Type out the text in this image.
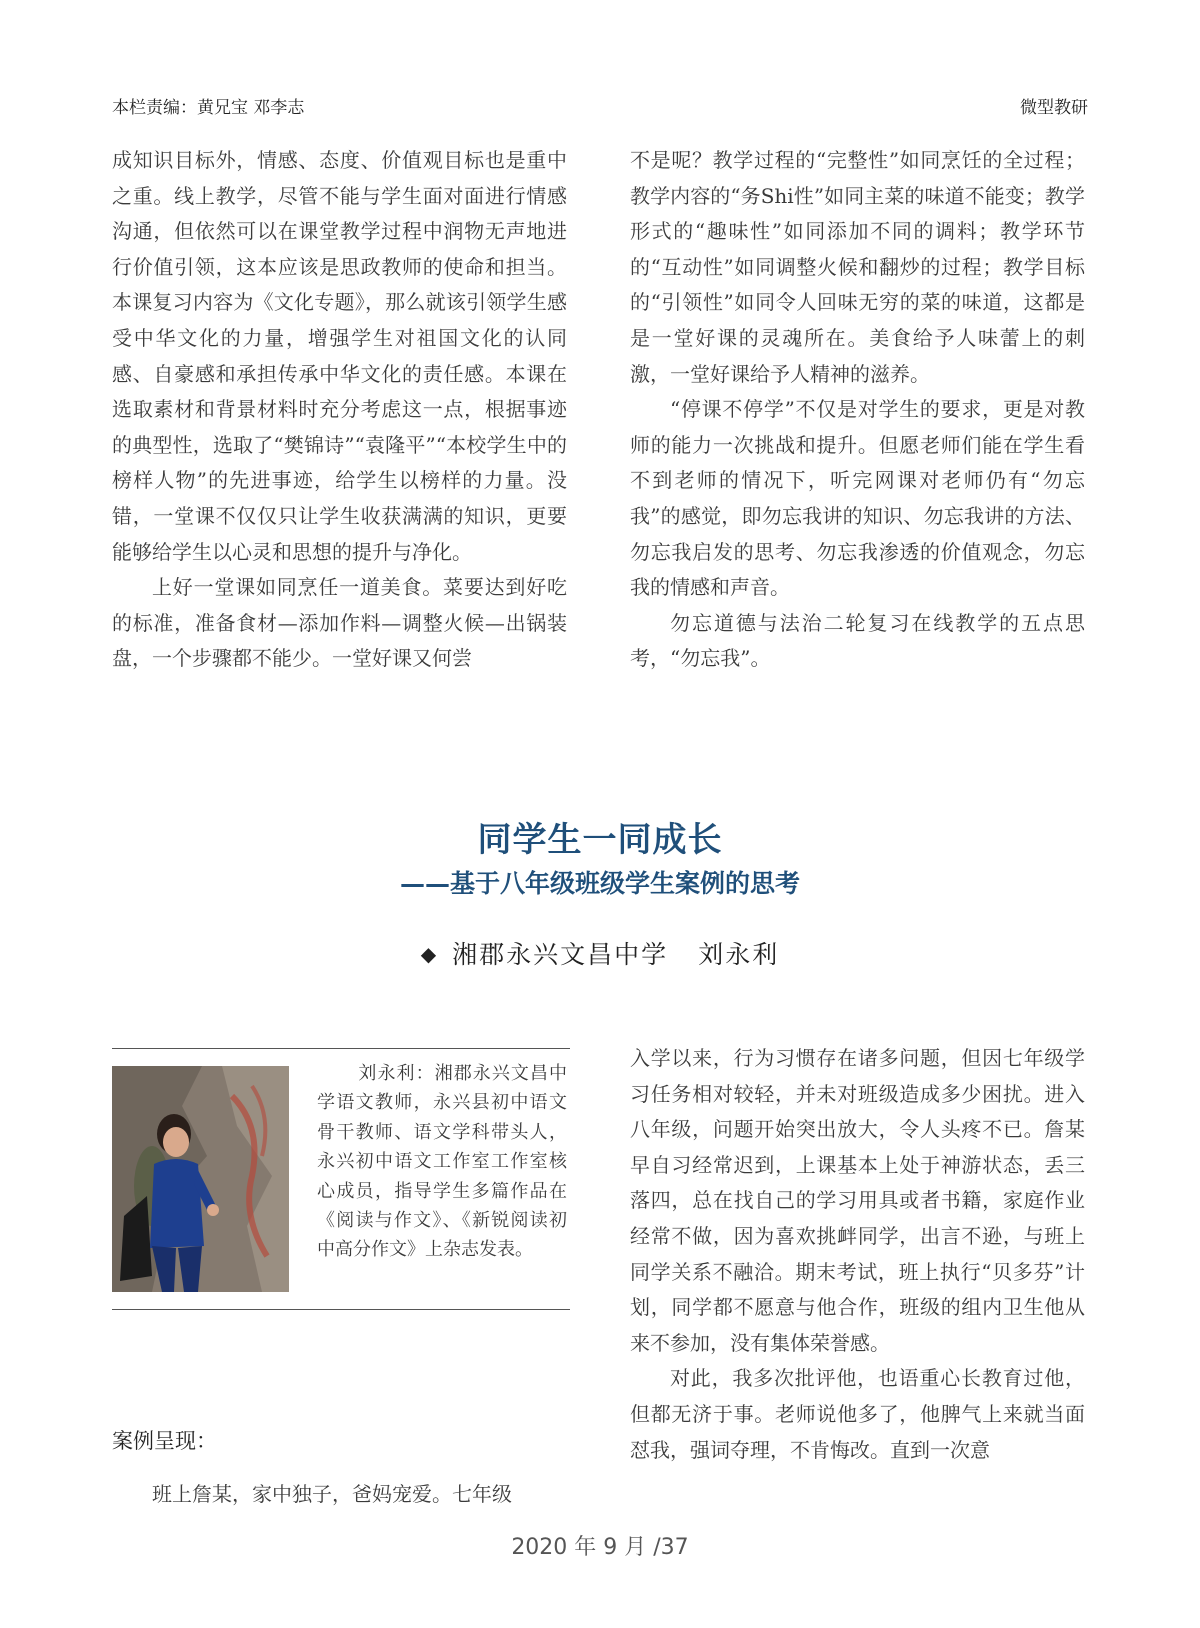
本栏责编：黄兄宝 邓李志	微型教研

成知识目标外，情感、态度、价值观目标也是重中之重。线上教学，尽管不能与学生面对面进行情感沟通，但依然可以在课堂教学过程中润物无声地进行价值引领，这本应该是思政教师的使命和担当。本课复习内容为《文化专题》，那么就该引领学生感受中华文化的力量，增强学生对祖国文化的认同感、自豪感和承担传承中华文化的责任感。本课在选取素材和背景材料时充分考虑这一点，根据事迹的典型性，选取了“樊锦诗”“袁隆平”“本校学生中的榜样人物”的先进事迹，给学生以榜样的力量。没错，一堂课不仅仅只让学生收获满满的知识，更要能够给学生以心灵和思想的提升与净化。

上好一堂课如同烹任一道美食。菜要达到好吃的标准，准备食材—添加作料—调整火候—出锅装盘，一个步骤都不能少。一堂好课又何尝

不是呢？教学过程的“完整性”如同烹饪的全过程；教学内容的“务Shi性”如同主菜的味道不能变；教学形式的“趣味性”如同添加不同的调料；教学环节的“互动性”如同调整火候和翻炒的过程；教学目标的“引领性”如同令人回味无穷的菜的味道，这都是是一堂好课的灵魂所在。美食给予人味蕾上的刺激，一堂好课给予人精神的滋养。

“停课不停学”不仅是对学生的要求，更是对教师的能力一次挑战和提升。但愿老师们能在学生看不到老师的情况下，听完网课对老师仍有“勿忘我”的感觉，即勿忘我讲的知识、勿忘我讲的方法、勿忘我启发的思考、勿忘我渗透的价值观念，勿忘我的情感和声音。

勿忘道德与法治二轮复习在线教学的五点思考，“勿忘我”。

同学生一同成长
——基于八年级班级学生案例的思考
◆ 湘郡永兴文昌中学 刘永利

刘永利：湘郡永兴文昌中学语文教师，永兴县初中语文骨干教师、语文学科带头人，永兴初中语文工作室工作室核心成员，指导学生多篇作品在《阅读与作文》、《新锐阅读初中高分作文》上杂志发表。

案例呈现：

班上詹某，家中独子，爸妈宠爱。七年级

入学以来，行为习惯存在诸多问题，但因七年级学习任务相对较轻，并未对班级造成多少困扰。进入八年级，问题开始突出放大，令人头疼不已。詹某早自习经常迟到，上课基本上处于神游状态，丢三落四，总在找自己的学习用具或者书籍，家庭作业经常不做，因为喜欢挑衅同学，出言不逊，与班上同学关系不融洽。期末考试，班上执行“贝多芬”计划，同学都不愿意与他合作，班级的组内卫生他从来不参加，没有集体荣誉感。

对此，我多次批评他，也语重心长教育过他，但都无济于事。老师说他多了，他脾气上来就当面怼我，强词夺理，不肯悔改。直到一次意

2020 年 9 月 /37
